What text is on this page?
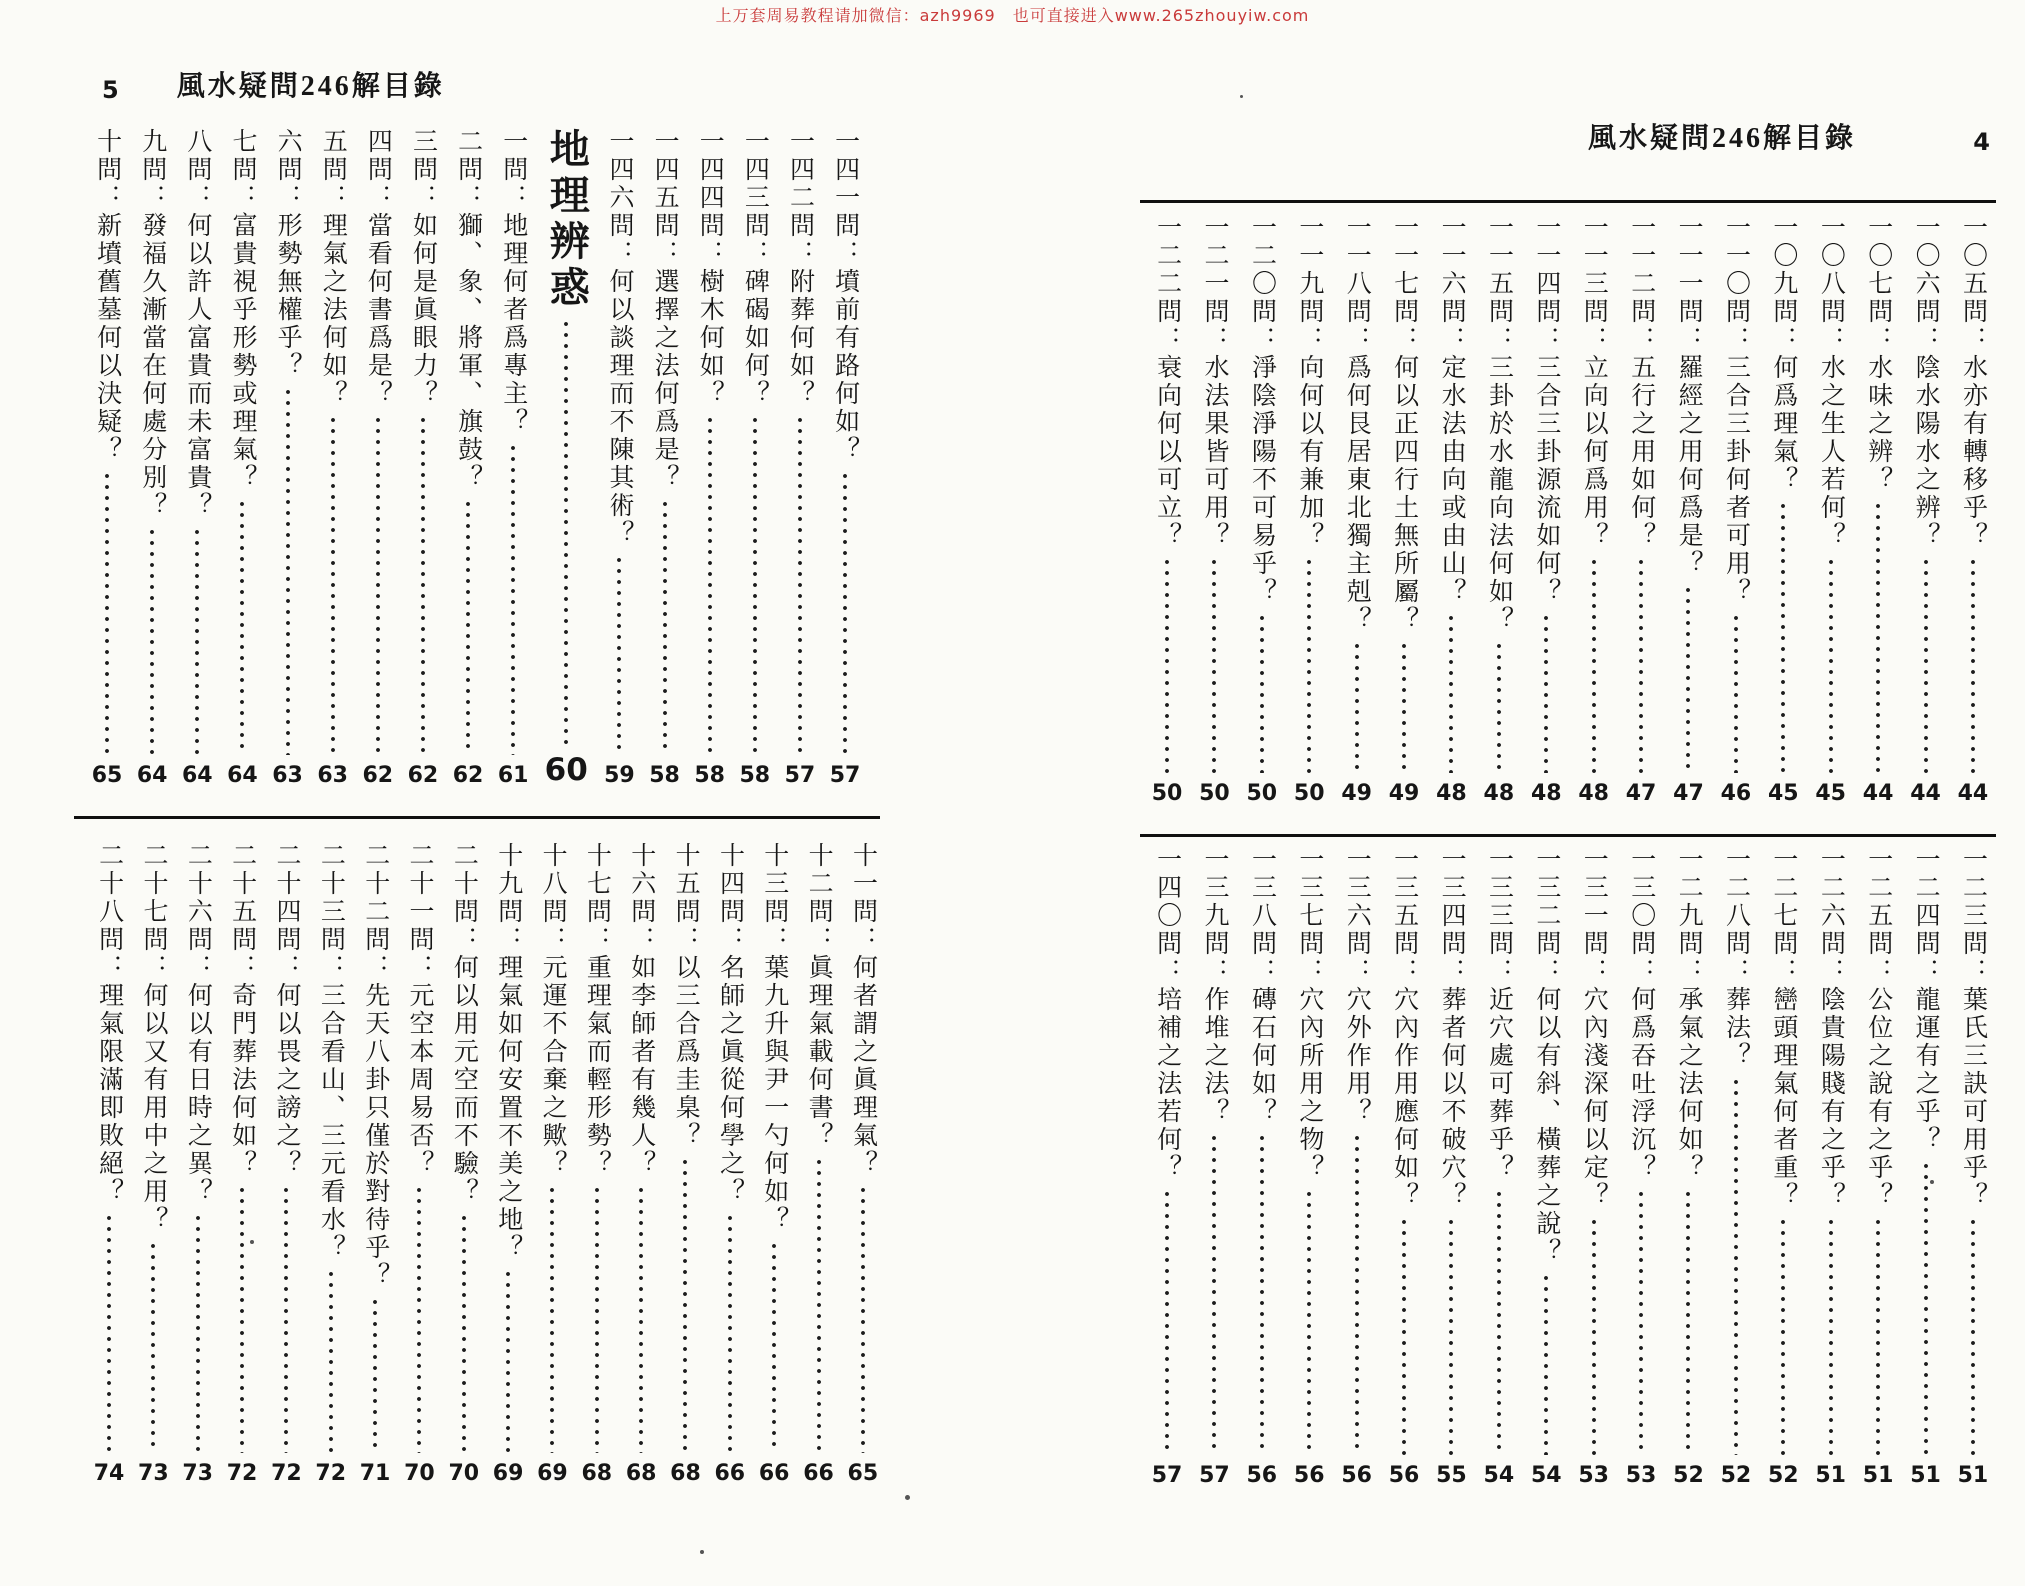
上万套周易教程请加微信：azh9969　也可直接进入www.265zhouyiw.com
5 風水疑問246解目錄
一四一問：墳前有路何如？
57
一四二問：附葬何如？
57
一四三問：碑碣如何？
58
一四四問：樹木何如？
58
一四五問：選擇之法何爲是？
58
一四六問：何以談理而不陳其術？
59
地理辨惑
60
一問：地理何者爲專主？
61
二問：獅、象、將軍、旗鼓？
62
三問：如何是眞眼力？
62
四問：當看何書爲是？
62
五問：理氣之法何如？
63
六問：形勢無權乎？
63
七問：富貴視乎形勢或理氣？
64
八問：何以許人富貴而未富貴？
64
九問：發福久漸當在何處分別？
64
十問：新墳舊墓何以決疑？
65
十一問：何者謂之眞理氣？
65
十二問：眞理氣載何書？
66
十三問：葉九升與尹一勺何如？
66
十四問：名師之眞從何學之？
66
十五問：以三合爲圭臬？
68
十六問：如李師者有幾人？
68
十七問：重理氣而輕形勢？
68
十八問：元運不合棄之歟？
69
十九問：理氣如何安置不美之地？
69
二十問：何以用元空而不驗？
70
二十一問：元空本周易否？
70
二十二問：先天八卦只僅於對待乎？
71
二十三問：三合看山、三元看水？
72
二十四問：何以畏之謗之？
72
二十五問：奇門葬法何如？
72
二十六問：何以有日時之異？
73
二十七問：何以又有用中之用？
73
二十八問：理氣限滿即敗絕？
74
風水疑問246解目錄	4
一〇五問：水亦有轉移乎？
44
一〇六問：陰水陽水之辨？
44
一〇七問：水味之辨？
44
一〇八問：水之生人若何？
45
一〇九問：何爲理氣？
45
一一〇問：三合三卦何者可用？
46
一一一問：羅經之用何爲是？
47
一一二問：五行之用如何？
47
一一三問：立向以何爲用？
48
一一四問：三合三卦源流如何？
48
一一五問：三卦於水龍向法何如？
48
一一六問：定水法由向或由山？
48
一一七問：何以正四行土無所屬？
49
一一八問：爲何艮居東北獨主剋？
49
一一九問：向何以有兼加？
50
一二〇問：淨陰淨陽不可易乎？
50
一二一問：水法果皆可用？
50
一二二問：衰向何以可立？
50
一二三問：葉氏三訣可用乎？
51
一二四問：龍運有之乎？
51
一二五問：公位之說有之乎？
51
一二六問：陰貴陽賤有之乎？
51
一二七問：巒頭理氣何者重？
52
一二八問：葬法？
52
一二九問：承氣之法何如？
52
一三〇問：何爲吞吐浮沉？
53
一三一問：穴內淺深何以定？
53
一三二問：何以有斜、橫葬之說？
54
一三三問：近穴處可葬乎？
54
一三四問：葬者何以不破穴？
55
一三五問：穴內作用應何如？
56
一三六問：穴外作用？
56
一三七問：穴內所用之物？
56
一三八問：磚石何如？
56
一三九問：作堆之法？
57
一四〇問：培補之法若何？
57
